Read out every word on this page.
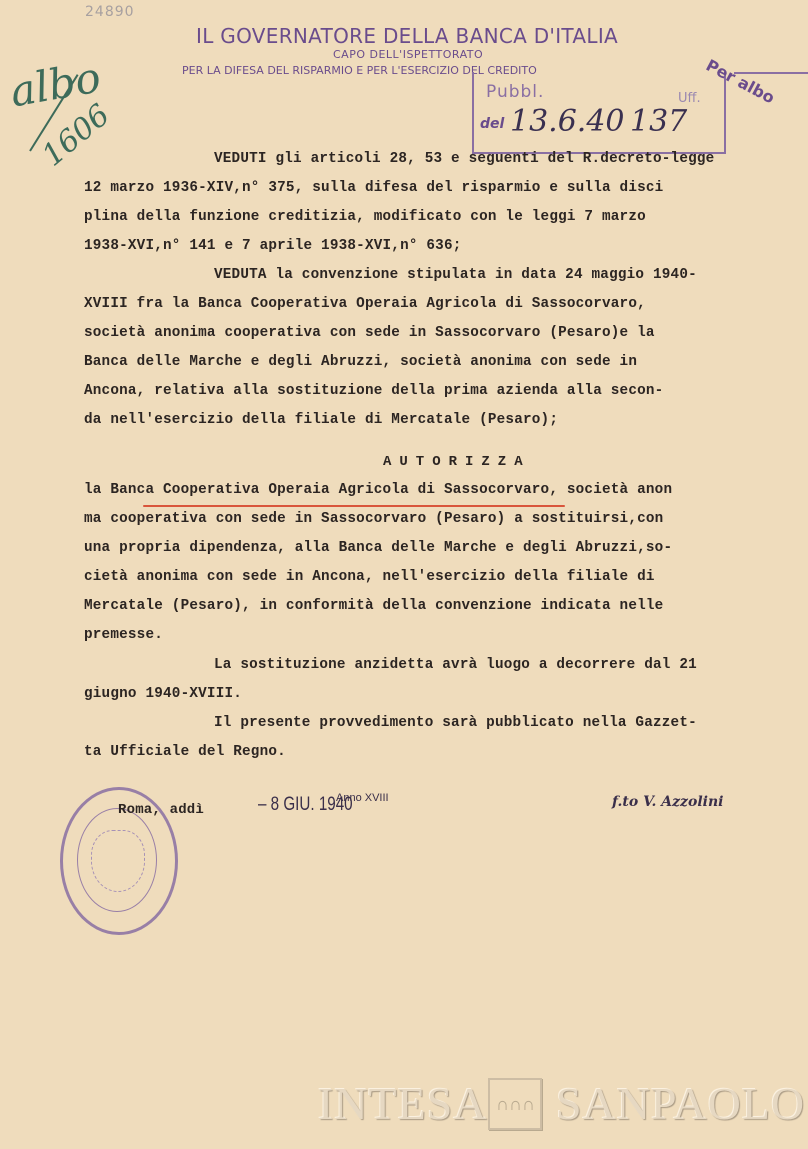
24890
IL GOVERNATORE DELLA BANCA D'ITALIA
CAPO DELL'ISPETTORATO
PER LA DIFESA DEL RISPARMIO E PER L'ESERCIZIO DEL CREDITO
albo
1606
Pubbl.	Uff.
del 13.6.40 137
Per albo
VEDUTI gli articoli 28, 53 e seguenti del R.decreto-legge
12 marzo 1936-XIV,n° 375, sulla difesa del risparmio e sulla disci
plina della funzione creditizia, modificato con le leggi 7 marzo
1938-XVI,n° 141 e 7 aprile 1938-XVI,n° 636;
VEDUTA la convenzione stipulata in data 24 maggio 1940-
XVIII fra la Banca Cooperativa Operaia Agricola di Sassocorvaro,
società anonima cooperativa con sede in Sassocorvaro (Pesaro)e la
Banca delle Marche e degli Abruzzi, società anonima con sede in
Ancona, relativa alla sostituzione della prima azienda alla secon-
da nell'esercizio della filiale di Mercatale (Pesaro);
AUTORIZZA
la Banca Cooperativa Operaia Agricola di Sassocorvaro, società anon
ma cooperativa con sede in Sassocorvaro (Pesaro) a sostituirsi,con
una propria dipendenza, alla Banca delle Marche e degli Abruzzi,so-
cietà anonima con sede in Ancona, nell'esercizio della filiale di
Mercatale (Pesaro), in conformità della convenzione indicata nelle
premesse.
La sostituzione anzidetta avrà luogo a decorrere dal 21
giugno 1940-XVIII.
Il presente provvedimento sarà pubblicato nella Gazzet-
ta Ufficiale del Regno.
Roma, addì	– 8 GIU. 1940
Anno XVIII	f.to V. Azzolini
INTESA ∩∩∩ SANPAOLO
